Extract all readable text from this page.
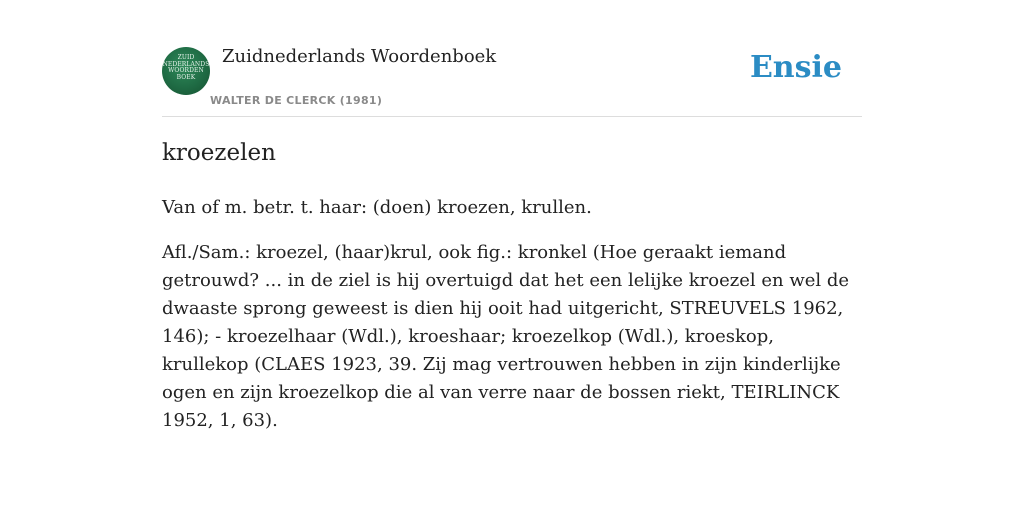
ZUID
NEDERLANDS
WOORDEN
BOEK
Zuidnederlands Woordenboek
WALTER DE CLERCK (1981)
Ensie
kroezelen

Van of m. betr. t. haar: (doen) kroezen, krullen.

Afl./Sam.: kroezel, (haar)krul, ook fig.: kronkel (Hoe geraakt iemand getrouwd? ... in de ziel is hij overtuigd dat het een lelijke kroezel en wel de dwaaste sprong geweest is dien hij ooit had uitgericht, STREUVELS 1962, 146); - kroezelhaar (Wdl.), kroeshaar; kroezelkop (Wdl.), kroeskop, krullekop (CLAES 1923, 39. Zij mag vertrouwen hebben in zijn kinderlijke ogen en zijn kroezelkop die al van verre naar de bossen riekt, TEIRLINCK 1952, 1, 63).
